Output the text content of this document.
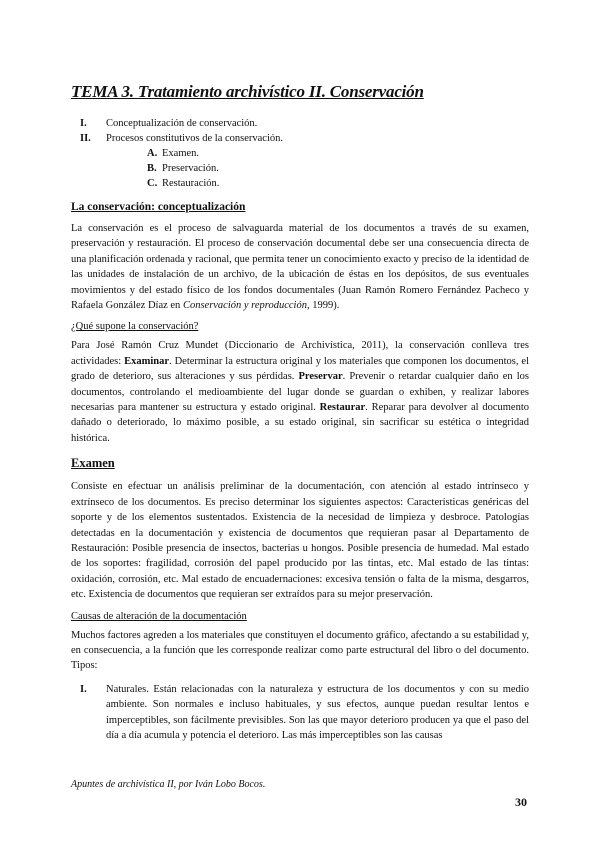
TEMA 3. Tratamiento archivístico II. Conservación
I. Conceptualización de conservación.
II. Procesos constitutivos de la conservación.
A. Examen.
B. Preservación.
C. Restauración.
La conservación: conceptualización

La conservación es el proceso de salvaguarda material de los documentos a través de su examen, preservación y restauración. El proceso de conservación documental debe ser una consecuencia directa de una planificación ordenada y racional, que permita tener un conocimiento exacto y preciso de la identidad de las unidades de instalación de un archivo, de la ubicación de éstas en los depósitos, de sus eventuales movimientos y del estado físico de los fondos documentales (Juan Ramón Romero Fernández Pacheco y Rafaela González Díaz en Conservación y reproducción, 1999).

¿Qué supone la conservación?

Para José Ramón Cruz Mundet (Diccionario de Archivística, 2011), la conservación conlleva tres actividades: Examinar. Determinar la estructura original y los materiales que componen los documentos, el grado de deterioro, sus alteraciones y sus pérdidas. Preservar. Prevenir o retardar cualquier daño en los documentos, controlando el medioambiente del lugar donde se guardan o exhiben, y realizar labores necesarias para mantener su estructura y estado original. Restaurar. Reparar para devolver al documento dañado o deteriorado, lo máximo posible, a su estado original, sin sacrificar su estética o integridad histórica.

Examen

Consiste en efectuar un análisis preliminar de la documentación, con atención al estado intrínseco y extrínseco de los documentos. Es preciso determinar los siguientes aspectos: Características genéricas del soporte y de los elementos sustentados. Existencia de la necesidad de limpieza y desbroce. Patologías detectadas en la documentación y existencia de documentos que requieran pasar al Departamento de Restauración: Posible presencia de insectos, bacterias u hongos. Posible presencia de humedad. Mal estado de los soportes: fragilidad, corrosión del papel producido por las tintas, etc. Mal estado de las tintas: oxidación, corrosión, etc. Mal estado de encuadernaciones: excesiva tensión o falta de la misma, desgarros, etc. Existencia de documentos que requieran ser extraídos para su mejor preservación.

Causas de alteración de la documentación

Muchos factores agreden a los materiales que constituyen el documento gráfico, afectando a su estabilidad y, en consecuencia, a la función que les corresponde realizar como parte estructural del libro o del documento. Tipos:

I. Naturales. Están relacionadas con la naturaleza y estructura de los documentos y con su medio ambiente. Son normales e incluso habituales, y sus efectos, aunque puedan resultar lentos e imperceptibles, son fácilmente previsibles. Son las que mayor deterioro producen ya que el paso del día a día acumula y potencia el deterioro. Las más imperceptibles son las causas
Apuntes de archivística II, por Iván Lobo Bocos.
30
